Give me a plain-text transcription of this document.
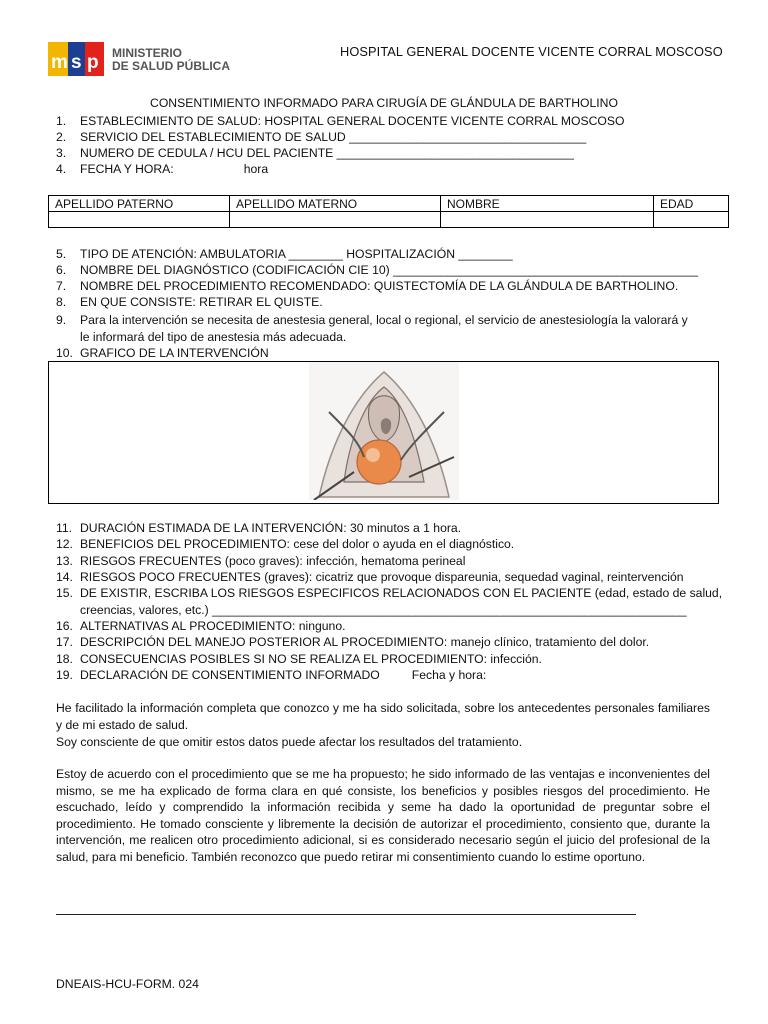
m s p MINISTERIO
DE SALUD PÚBLICA
HOSPITAL GENERAL DOCENTE VICENTE CORRAL MOSCOSO
CONSENTIMIENTO INFORMADO PARA CIRUGÍA DE GLÁNDULA DE BARTHOLINO
1. ESTABLECIMIENTO DE SALUD: HOSPITAL GENERAL DOCENTE VICENTE CORRAL MOSCOSO
2. SERVICIO DEL ESTABLECIMIENTO DE SALUD ___________________________________
3. NUMERO DE CEDULA / HCU DEL PACIENTE ___________________________________
4. FECHA Y HORA:	hora
APELLIDO PATERNO	APELLIDO MATERNO	NOMBRE	EDAD

5. TIPO DE ATENCIÓN: AMBULATORIA ________ HOSPITALIZACIÓN ________
6. NOMBRE DEL DIAGNÓSTICO (CODIFICACIÓN CIE 10) _____________________________________________
7. NOMBRE DEL PROCEDIMIENTO RECOMENDADO: QUISTECTOMÍA DE LA GLÁNDULA DE BARTHOLINO.
8. EN QUE CONSISTE: RETIRAR EL QUISTE.
9. Para la intervención se necesita de anestesia general, local o regional, el servicio de anestesiología la valorará y
le informará del tipo de anestesia más adecuada.
10. GRAFICO DE LA INTERVENCIÓN
11. DURACIÓN ESTIMADA DE LA INTERVENCIÓN: 30 minutos a 1 hora.
12. BENEFICIOS DEL PROCEDIMIENTO: cese del dolor o ayuda en el diagnóstico.
13. RIESGOS FRECUENTES (poco graves): infección, hematoma perineal
14. RIESGOS POCO FRECUENTES (graves): cicatriz que provoque dispareunia, sequedad vaginal, reintervención
15. DE EXISTIR, ESCRIBA LOS RIESGOS ESPECIFICOS RELACIONADOS CON EL PACIENTE (edad, estado de salud,
creencias, valores, etc.) ______________________________________________________________________
16. ALTERNATIVAS AL PROCEDIMIENTO: ninguno.
17. DESCRIPCIÓN DEL MANEJO POSTERIOR AL PROCEDIMIENTO: manejo clínico, tratamiento del dolor.
18. CONSECUENCIAS POSIBLES SI NO SE REALIZA EL PROCEDIMIENTO: infección.
19. DECLARACIÓN DE CONSENTIMIENTO INFORMADO	Fecha y hora:
He facilitado la información completa que conozco y me ha sido solicitada, sobre los antecedentes personales familiares y de mi estado de salud.
Soy consciente de que omitir estos datos puede afectar los resultados del tratamiento.
Estoy de acuerdo con el procedimiento que se me ha propuesto; he sido informado de las ventajas e inconvenientes del mismo, se me ha explicado de forma clara en qué consiste, los beneficios y posibles riesgos del procedimiento. He escuchado, leído y comprendido la información recibida y seme ha dado la oportunidad de preguntar sobre el procedimiento. He tomado consciente y libremente la decisión de autorizar el procedimiento, consiento que, durante la intervención, me realicen otro procedimiento adicional, si es considerado necesario según el juicio del profesional de la salud, para mi beneficio. También reconozco que puedo retirar mi consentimiento cuando lo estime oportuno.
DNEAIS-HCU-FORM. 024
